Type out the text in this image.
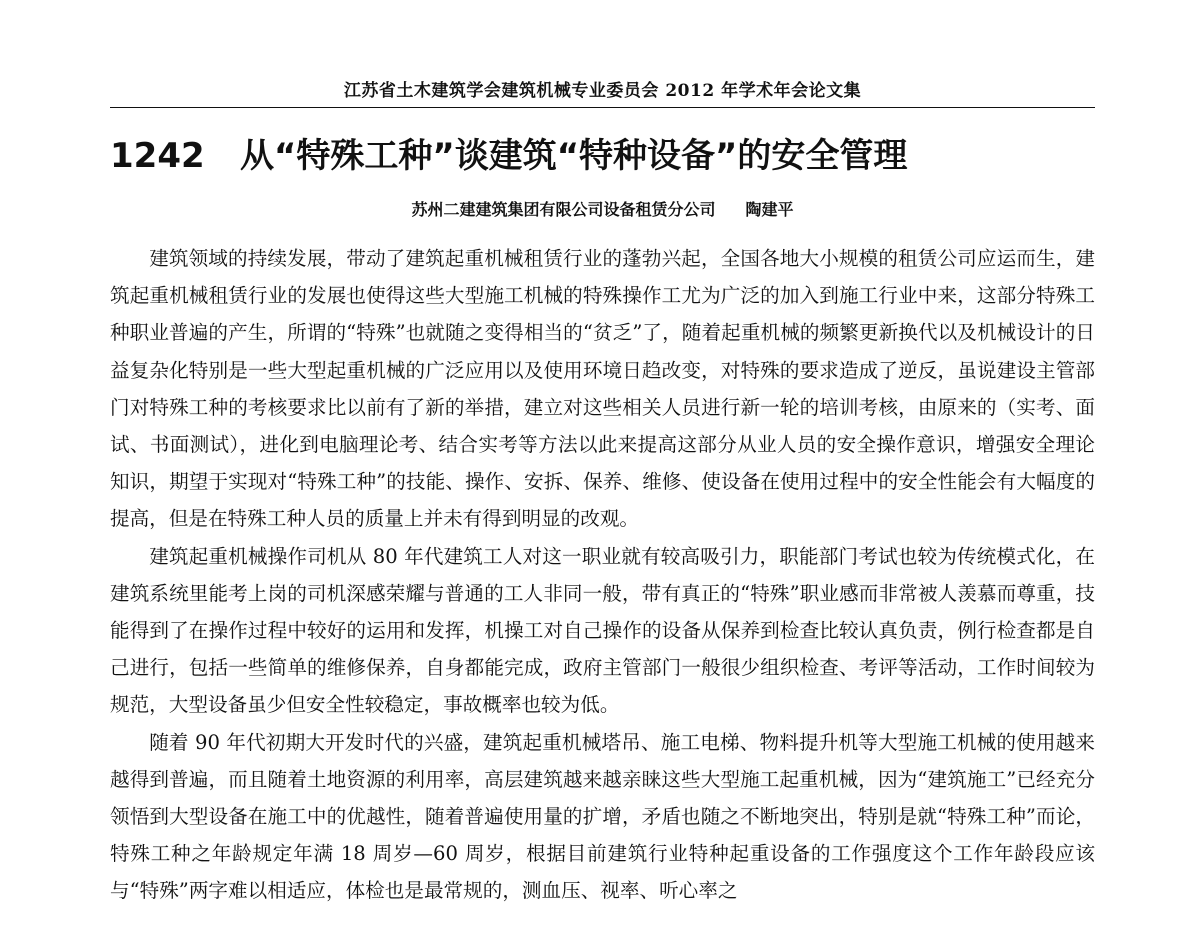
江苏省土木建筑学会建筑机械专业委员会 2012 年学术年会论文集
1242 从“特殊工种”谈建筑“特种设备”的安全管理
苏州二建建筑集团有限公司设备租赁分公司 陶建平

建筑领域的持续发展，带动了建筑起重机械租赁行业的蓬勃兴起，全国各地大小规模的租赁公司应运而生，建筑起重机械租赁行业的发展也使得这些大型施工机械的特殊操作工尤为广泛的加入到施工行业中来，这部分特殊工种职业普遍的产生，所谓的“特殊”也就随之变得相当的“贫乏”了，随着起重机械的频繁更新换代以及机械设计的日益复杂化特别是一些大型起重机械的广泛应用以及使用环境日趋改变，对特殊的要求造成了逆反，虽说建设主管部门对特殊工种的考核要求比以前有了新的举措，建立对这些相关人员进行新一轮的培训考核，由原来的（实考、面试、书面测试），进化到电脑理论考、结合实考等方法以此来提高这部分从业人员的安全操作意识，增强安全理论知识，期望于实现对“特殊工种”的技能、操作、安拆、保养、维修、使设备在使用过程中的安全性能会有大幅度的提高，但是在特殊工种人员的质量上并未有得到明显的改观。

建筑起重机械操作司机从 80 年代建筑工人对这一职业就有较高吸引力，职能部门考试也较为传统模式化，在建筑系统里能考上岗的司机深感荣耀与普通的工人非同一般，带有真正的“特殊”职业感而非常被人羡慕而尊重，技能得到了在操作过程中较好的运用和发挥，机操工对自己操作的设备从保养到检查比较认真负责，例行检查都是自己进行，包括一些简单的维修保养，自身都能完成，政府主管部门一般很少组织检查、考评等活动，工作时间较为规范，大型设备虽少但安全性较稳定，事故概率也较为低。

随着 90 年代初期大开发时代的兴盛，建筑起重机械塔吊、施工电梯、物料提升机等大型施工机械的使用越来越得到普遍，而且随着土地资源的利用率，高层建筑越来越亲睐这些大型施工起重机械，因为“建筑施工”已经充分领悟到大型设备在施工中的优越性，随着普遍使用量的扩增，矛盾也随之不断地突出，特别是就“特殊工种”而论，特殊工种之年龄规定年满 18 周岁—60 周岁，根据目前建筑行业特种起重设备的工作强度这个工作年龄段应该与“特殊”两字难以相适应，体检也是最常规的，测血压、视率、听心率之
